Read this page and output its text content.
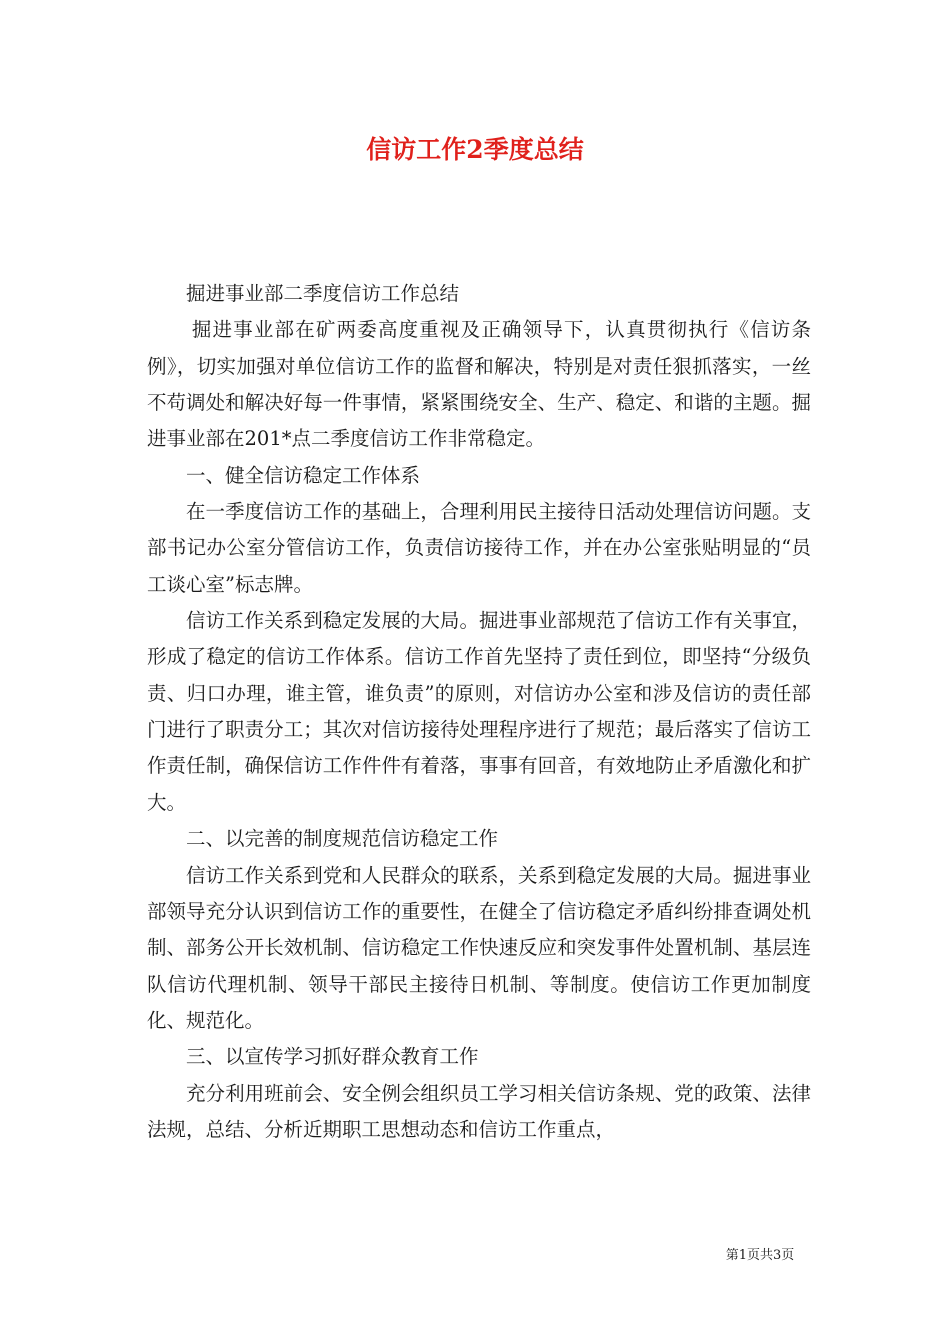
信访工作2季度总结

掘进事业部二季度信访工作总结

掘进事业部在矿两委高度重视及正确领导下，认真贯彻执行《信访条例》，切实加强对单位信访工作的监督和解决，特别是对责任狠抓落实，一丝不苟调处和解决好每一件事情，紧紧围绕安全、生产、稳定、和谐的主题。掘进事业部在201*点二季度信访工作非常稳定。

一、健全信访稳定工作体系

在一季度信访工作的基础上，合理利用民主接待日活动处理信访问题。支部书记办公室分管信访工作，负责信访接待工作，并在办公室张贴明显的“员工谈心室”标志牌。

信访工作关系到稳定发展的大局。掘进事业部规范了信访工作有关事宜，形成了稳定的信访工作体系。信访工作首先坚持了责任到位，即坚持“分级负责、归口办理，谁主管，谁负责”的原则，对信访办公室和涉及信访的责任部门进行了职责分工；其次对信访接待处理程序进行了规范；最后落实了信访工作责任制，确保信访工作件件有着落，事事有回音，有效地防止矛盾激化和扩大。

二、以完善的制度规范信访稳定工作

信访工作关系到党和人民群众的联系，关系到稳定发展的大局。掘进事业部领导充分认识到信访工作的重要性，在健全了信访稳定矛盾纠纷排查调处机制、部务公开长效机制、信访稳定工作快速反应和突发事件处置机制、基层连队信访代理机制、领导干部民主接待日机制、等制度。使信访工作更加制度化、规范化。

三、以宣传学习抓好群众教育工作

充分利用班前会、安全例会组织员工学习相关信访条规、党的政策、法律法规，总结、分析近期职工思想动态和信访工作重点，

第1页共3页
